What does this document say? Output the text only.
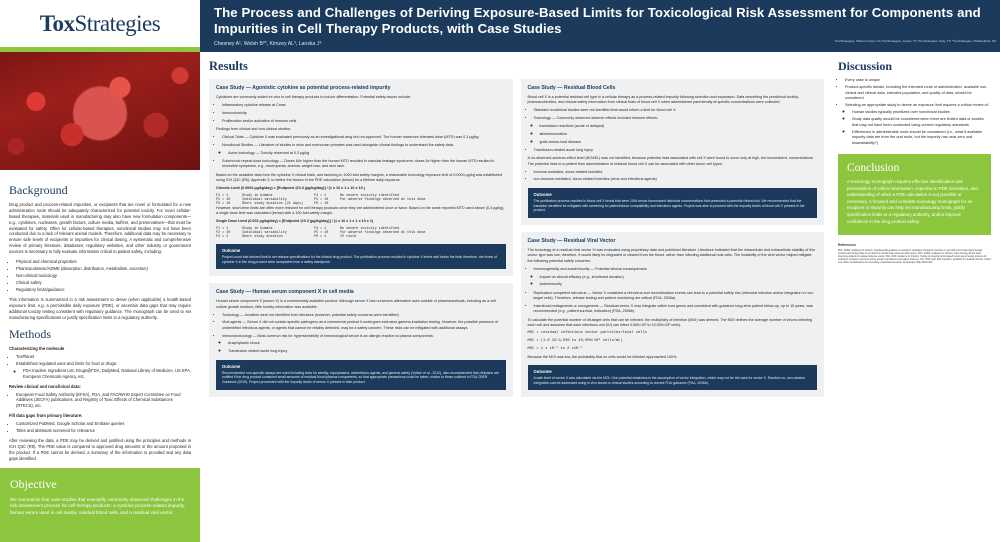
ToxStrategies	The Process and Challenges of Deriving Exposure-Based Limits for Toxicological Risk Assessment for Components and Impurities in Cell Therapy Products, with Case Studies
Chesney A¹, Welsh B²*, Kimzey AL³, Lanska J⁴
¹ToxStrategies, Walnut Creek, CA ²ToxStrategies, Austin, TX ³ToxStrategies, Katy, TX ⁴ToxStrategies, Philadelphia, PA
Background

Drug product and process-related impurities, or excipients that are novel or formulated for a new administration route should be adequately characterized for potential toxicity. For novel cellular-based therapies, materials used in manufacturing may also have new formulation components—e.g., cytokines, nucleases, growth factors, culture media, buffers, and preservatives—that must be evaluated for safety. Often for cellular-based therapies, nonclinical studies may not have been conducted due to a lack of relevant animal models. Therefore, additional data may be necessary to ensure safe levels of excipients or impurities for clinical dosing. A systematic and comprehensive review of primary literature, databases, regulatory websites, and other industry or government sources is necessary to fully evaluate information critical to patient safety, including:

• Physical and chemical properties
• Pharmacokinetic/ADME (absorption, distribution, metabolism, excretion)
• Non-clinical toxicology
• Clinical safety
• Regulatory limits/guidance

This information is summarized in a risk assessment to derive (when applicable) a health-based exposure limit, e.g. a permissible daily exposure (PDE), or ascertain data gaps that may require additional toxicity testing consistent with regulatory guidance. The monograph can be used to set manufacturing specifications or justify specification limits to a regulatory authority.

Methods

Characterizing the molecule

• ToxPlanet
• Established regulated uses and limits for food or drugs:
◦ FDA Inactive Ingredient List, Drugs@FDA, DailyMed, National Library of Medicine, US EPA, European Chemicals Agency, etc.

Review clinical and nonclinical data:

• European Food Safety Authority (EFSA), FDA, and FAO/WHO Expert Committee on Food Additives (JECFA) publications, and Registry of Toxic Effects of Chemical Substances (RTECS), etc.

Fill data gaps from primary literature:

• Customized PubMed, Google Scholar and Embase queries
• Titles and abstracts screened for relevance

After reviewing the data, a PDE may be derived and justified using the principles and methods in ICH Q3C (R6). The PDE value is compared to approved drug amounts or the amount proposed in the product. If a PDE cannot be derived, a summary of the information is provided and any data gaps identified.

Objective

We summarize four case studies that exemplify commonly observed challenges in the risk assessment process for cell therapy products: a cytokine process-related impurity, human serum used in cell media, residual blood cells, and a residual viral vector.

Results
Case Study — Agonistic cytokine as potential process-related impurity

Cytokines are commonly added ex vivo to cell therapy products to induce differentiation. Potential safety issues include:

• Inflammatory cytokine release at Cmax
• Immunotoxicity
• Proliferation and/or activation of immune cells

Findings from clinical and non-clinical studies:

• Clinical Trials — Cytokine X was evaluated previously as an investigational drug but not approved. The human maximum tolerated dose (MTD) was 0.3 µg/kg.
• Nonclinical Studies — Literature of studies in mice and nonhuman primates was used alongside clinical findings to understand the safety data.
◦ Acute toxicology — Toxicity observed at 0.3 µg/kg
• Subchronic repeat-dose toxicology — Doses 60x higher than the human MTD resulted in vascular leakage syndrome; doses 5x higher than the human MTD resulted in reversible symptoms, e.g., neutropenia, anemia, weight loss, and skin rash.

Based on the available data from the cytokine X clinical trials, and factoring in 1000-fold safety margins, a reasonable toxicology exposure limit of 0.0003 µg/kg was established using ICH Q3C (R6), Appendix 3, to define the factors in the PDE calculation (below) for a lifetime daily exposure.

Chronic Limit (0.0003 µg/kg/day) = [Endpoint @0.3 (µg/kg/day)] / (1 x 10 x 1 x 10 x 10 )

F1 = 1	Study in humans	F4 = 1	No severe toxicity identified
F2 = 10	Individual variability	F5 = 10	For adverse findings observed at this dose
F3 = 10	Short study duration (21 days)	F0 = 10

However, short-term limits are often more relevant for cell therapy products since they are administered once or twice. Based on the same reported MTD used above (0.3 µg/kg), a single dose limit was calculated (below) with a 100-fold safety margin.

Single Dose Limit (0.003 µg/kg/day) = [Endpoint @0.3 (µg/kg/day)] / (1 x 10 x 1 x 1 x 10 x 1)

F1 = 1	Study in humans	F4 = 1	No severe toxicity identified
F2 = 10	Individual variability	F5 = 10	For adverse findings observed at this dose
F3 = 1	Short study duration	F0 = 1	IV route
Outcome

Project count that derived limit to set release specifications for the clinical drug product. The purification process resulted in cytokine X levels well below the limit; therefore, the levels of cytokine X in the drug product were acceptable from a safety standpoint.

Case Study — Human serum component X in cell media

Human serum component X (serum X) is a commercially available product. Although serum X has numerous alternative uses outside of pharmaceuticals, including as a cell culture growth medium, little toxicity information was available.

• Toxicology — toxicities were not identified from literature (however, potential safety concerns were identified)
• Viral agents — Serum X did not contain specific pathogens as a commercial product it undergoes extensive gamma-irradiation testing. However, the possible presence of unidentified infectious agents, or agents that cannot be reliably detected, may be a safety concern. These risks can be mitigated with additional assays.
• Immunotoxicology — Most common risk for hypersensitivity of immunological serum is an allergic reaction to plasma components:
◦ Anaphylactic shock
◦ Transfusion related acute lung injury
Outcome

Recommended non-specific assays are used including tests for sterility, mycoplasma, adventitious agents, and general safety (Volsen et al., 2012), also recommended that clinicians are notified if the drug product contained small amounts of residual blood plasma components, so that appropriate precautions could be taken, similar to those outlined in FDA CBER Guidance (2019). Project proceeded with the impurity levels of serum X present in their product.

Case Study — Residual Blood Cells

Blood cell X is a potential residual cell type in a cellular therapy as a process-related impurity following selection and expansion. Data describing the preclinical toxicity, pharmacokinetics, and clinical safety information from clinical trials of blood cell X when administered parenterally at specific concentrations were collected.

• Standard nonclinical studies were not identified that would inform a limit for blood cell X.
• Toxicology — Commonly observed adverse effects included immune effects:
◦ transfusion reactions (acute or delayed)
◦ alloimmunization
◦ graft-versus-host disease
• Transfusion-related acute lung injury

A no-observed-adverse-effect level (NOAEL) was not identified, because potential risks associated with cell X were found to occur only at high, but inconsistent, concentrations. The potential risks to a patient from administration of residual blood cell X can be associated with other donor cell types:

• Immune-mediated, donor-related toxicities
• non-immune-mediated, donor-related toxicities (virus and infectious agents)
Outcome

The purification process resulted in blood cell X levels that were 100x below harmonized historical concentrations that presented a potential clinical risk. We recommended that the transition identified be mitigated with screening for patient/donor compatibility and infectious agents. Project was able to proceed with the impurity levels of blood cell X present in the product.

Case Study — Residual Viral Vector

The toxicology of a residual viral vector Xi was evaluated using proprietary data and published literature. Literature indicated that the intracellular and extracellular stability of this vector type was low; therefore, it would likely be degraded or cleared from the blood, rather than infecting additional host cells. The instability of the viral vector helped mitigate the following potential safety concerns:

• Immunogenicity and autoimmunity — Potential clinical consequences:
◦ Impact on clinical efficacy (e.g., shortened duration)
◦ Autoimmunity
• Replication competent retrovirus — Vector X contained a retrovirus and recombination events can lead to a potential safety risk (retroviral infection and/or integration in non-target cells). Therefore, release testing and patient monitoring are critical (FDA, 2006a).
• Insertional mutagenesis or oncogenesis — Residual vector X may integrate within host genes and consistent with guidance long-term patient follow-up, up to 15 years, was recommended (e.g., patient survival, indication) (FDA, 2006b).

To calculate the potential number of off-target cells that can be infected, the multiplicity of infection (MOI) was derived. The MOI defines the average number of virions infecting each cell and assumes that each infectious unit (IU) can infect 4,500×10³ to 10,000×10³ cells).

MOI = residual infectious vector particles/total cells

MOI = (1.0 IU/4,500 to 10,000/10³ cells/mL)

MOI = 1 x 10⁻⁴ to 2 x10⁻⁴

Because the MOI was low, the probability that no cells would be infected approached 100%.

Outcome

A safe level of vector X was calculated via the MOI. One potential weakness is the assumption of vector integration, which may not be the case for vector X. Random vs. non-random integration can be addressed using in vivo clonal or clinical studies according to current FDA guidance (FDA, 2006b).

Discussion
• Every case is unique
• Product-specific details, including the intended route of administration, available non-clinical and clinical data, intended population, and quality of data, should be considered
• Selecting an appropriate study to derive an exposure limit requires a critical review of:
◦ Human studies typically prioritized over nonclinical studies
◦ Study data quality should be considered when there are limited data or studies that may not have been conducted using current regulatory standards
◦ Differences in administrable route should be considered (i.e., what if available impurity data are from the oral route, but the impurity has near-zero oral bioavailability?)
Conclusion

A toxicology monograph requires effective identification and presentation of critical information, expertise in PDE derivation, and understanding of when a PDE calculation is not possible or necessary. A focused and complete toxicology monograph for an excipient or impurity can help set manufacturing limits, justify specification limits to a regulatory authority, and/or improve confidence in the drug product safety.

References
FDA. 2006a. Guidance for Industry: Supplemental guidance on testing for replication competent retrovirus in retroviral vector based gene therapy products and during follow-up of patients in clinical trials using retroviral vectors. FDA. 2006b. Guidance for Industry: Gene therapy clinical trials - observing subjects for delayed adverse events. FDA. 2019. Guidance for Industry: Testing of retroviral vector-based human gene therapy products for replication competent retrovirus during product manufacture and patient follow-up. ICH. 2019. Q3C (R8) Impurities: Guideline for residual solvents. Volsen et al. 2012. Considerations for the testing of cell-based products. Cytotherapy 14(9):1033-1041.
